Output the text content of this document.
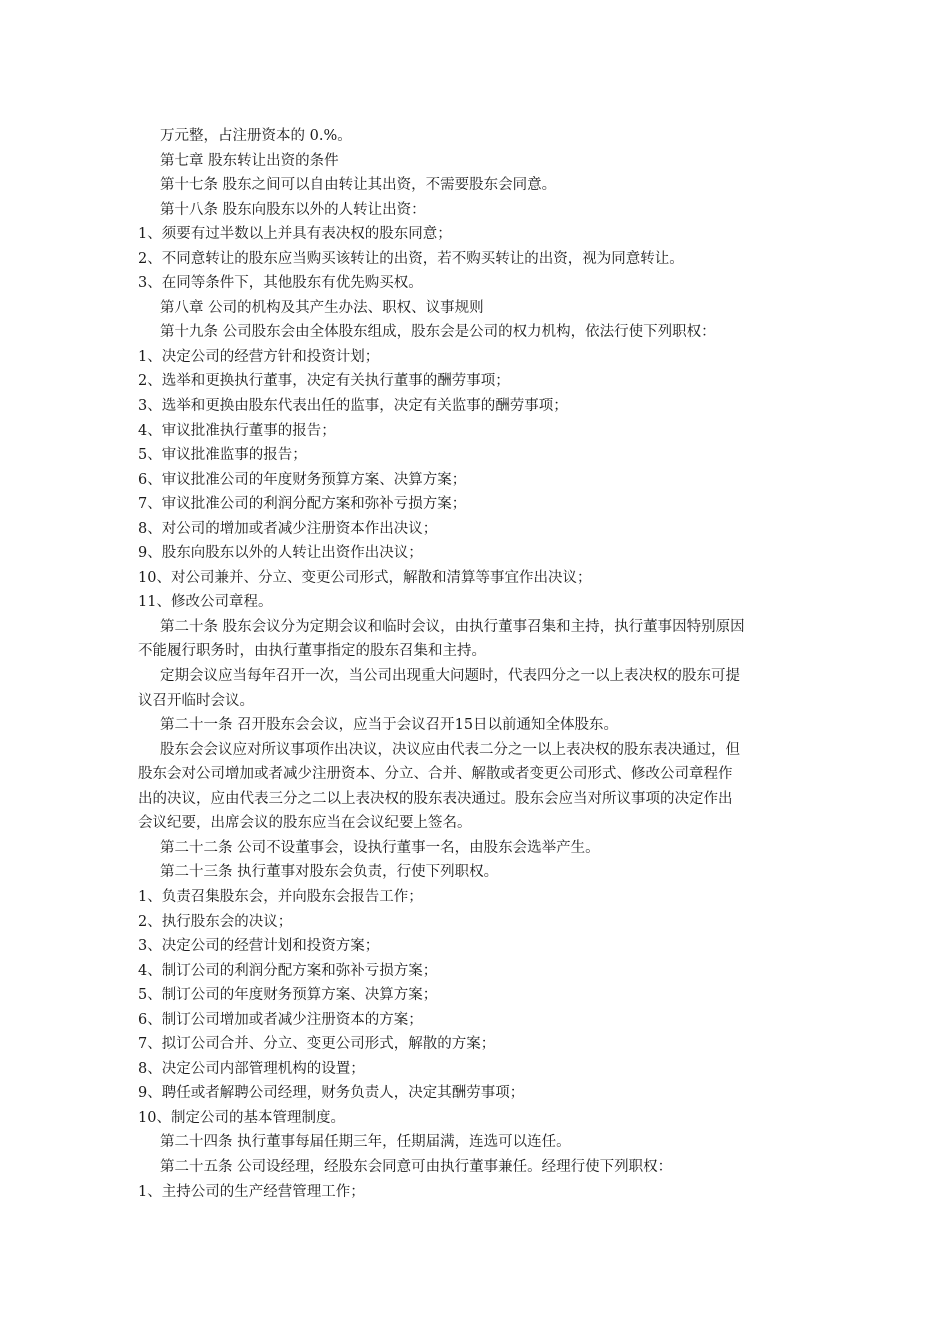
万元整，占注册资本的 0.%。
第七章 股东转让出资的条件
第十七条 股东之间可以自由转让其出资，不需要股东会同意。
第十八条 股东向股东以外的人转让出资：
1、须要有过半数以上并具有表决权的股东同意；
2、不同意转让的股东应当购买该转让的出资，若不购买转让的出资，视为同意转让。
3、在同等条件下，其他股东有优先购买权。
第八章 公司的机构及其产生办法、职权、议事规则
第十九条 公司股东会由全体股东组成，股东会是公司的权力机构，依法行使下列职权：
1、决定公司的经营方针和投资计划；
2、选举和更换执行董事，决定有关执行董事的酬劳事项；
3、选举和更换由股东代表出任的监事，决定有关监事的酬劳事项；
4、审议批准执行董事的报告；
5、审议批准监事的报告；
6、审议批准公司的年度财务预算方案、决算方案；
7、审议批准公司的利润分配方案和弥补亏损方案；
8、对公司的增加或者减少注册资本作出决议；
9、股东向股东以外的人转让出资作出决议；
10、对公司兼并、分立、变更公司形式，解散和清算等事宜作出决议；
11、修改公司章程。
第二十条 股东会议分为定期会议和临时会议，由执行董事召集和主持，执行董事因特别原因
不能履行职务时，由执行董事指定的股东召集和主持。
定期会议应当每年召开一次，当公司出现重大问题时，代表四分之一以上表决权的股东可提
议召开临时会议。
第二十一条 召开股东会会议，应当于会议召开15日以前通知全体股东。
股东会会议应对所议事项作出决议，决议应由代表二分之一以上表决权的股东表决通过，但
股东会对公司增加或者减少注册资本、分立、合并、解散或者变更公司形式、修改公司章程作
出的决议，应由代表三分之二以上表决权的股东表决通过。股东会应当对所议事项的决定作出
会议纪要，出席会议的股东应当在会议纪要上签名。
第二十二条 公司不设董事会，设执行董事一名，由股东会选举产生。
第二十三条 执行董事对股东会负责，行使下列职权。
1、负责召集股东会，并向股东会报告工作；
2、执行股东会的决议；
3、决定公司的经营计划和投资方案；
4、制订公司的利润分配方案和弥补亏损方案；
5、制订公司的年度财务预算方案、决算方案；
6、制订公司增加或者减少注册资本的方案；
7、拟订公司合并、分立、变更公司形式，解散的方案；
8、决定公司内部管理机构的设置；
9、聘任或者解聘公司经理，财务负责人，决定其酬劳事项；
10、制定公司的基本管理制度。
第二十四条 执行董事每届任期三年，任期届满，连选可以连任。
第二十五条 公司设经理，经股东会同意可由执行董事兼任。经理行使下列职权：
1、主持公司的生产经营管理工作；
